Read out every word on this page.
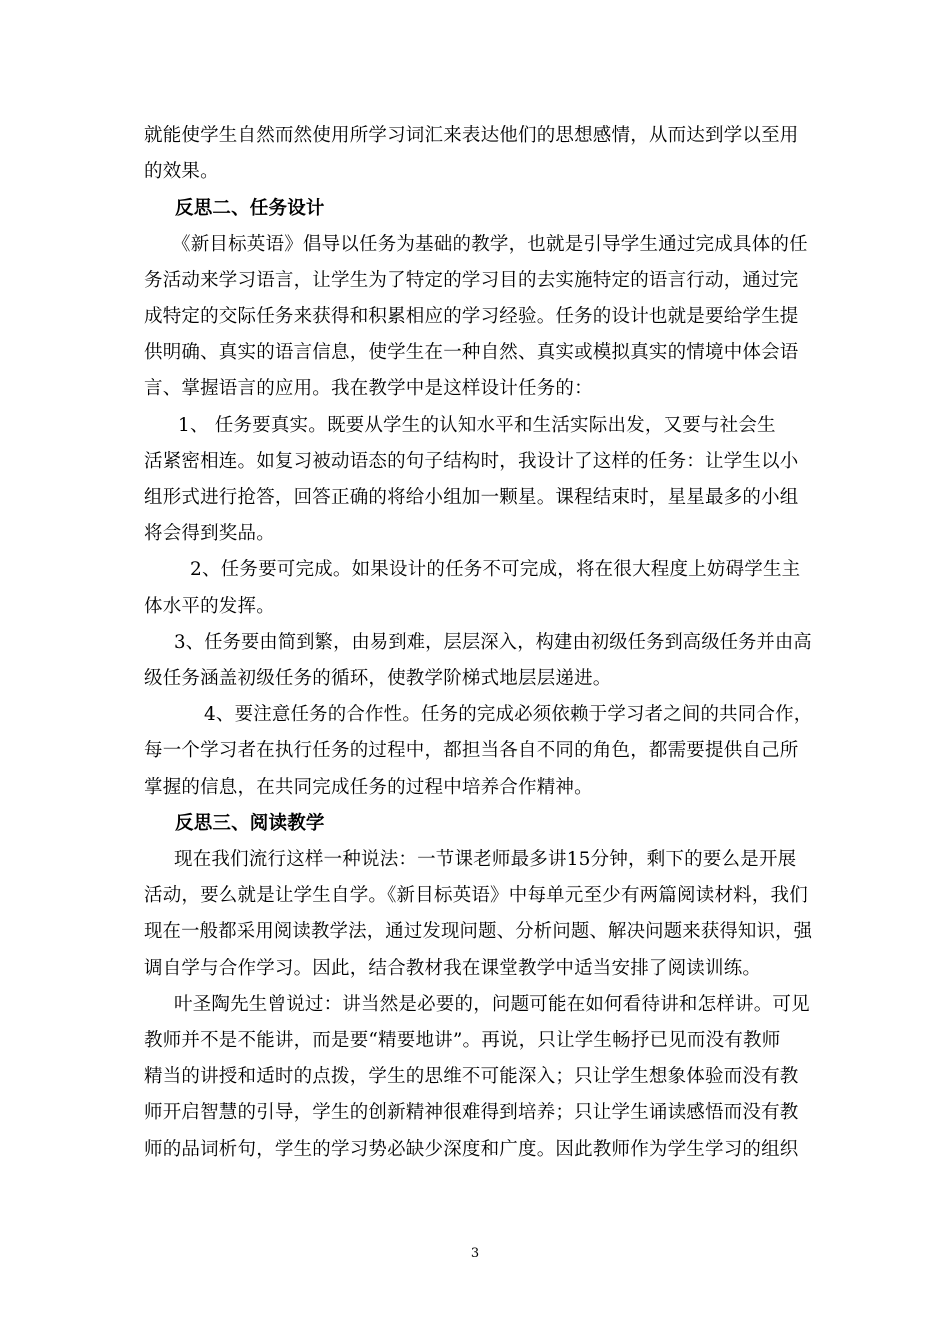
就能使学生自然而然使用所学习词汇来表达他们的思想感情，从而达到学以至用
的效果。
反思二、任务设计
《新目标英语》倡导以任务为基础的教学，也就是引导学生通过完成具体的任
务活动来学习语言，让学生为了特定的学习目的去实施特定的语言行动，通过完
成特定的交际任务来获得和积累相应的学习经验。任务的设计也就是要给学生提
供明确、真实的语言信息，使学生在一种自然、真实或模拟真实的情境中体会语
言、掌握语言的应用。我在教学中是这样设计任务的：
1、 任务要真实。既要从学生的认知水平和生活实际出发，又要与社会生
活紧密相连。如复习被动语态的句子结构时，我设计了这样的任务：让学生以小
组形式进行抢答，回答正确的将给小组加一颗星。课程结束时，星星最多的小组
将会得到奖品。
2、任务要可完成。如果设计的任务不可完成，将在很大程度上妨碍学生主
体水平的发挥。
3、任务要由简到繁，由易到难，层层深入，构建由初级任务到高级任务并由高
级任务涵盖初级任务的循环，使教学阶梯式地层层递进。
4、要注意任务的合作性。任务的完成必须依赖于学习者之间的共同合作，
每一个学习者在执行任务的过程中，都担当各自不同的角色，都需要提供自己所
掌握的信息，在共同完成任务的过程中培养合作精神。
反思三、阅读教学
现在我们流行这样一种说法：一节课老师最多讲15分钟，剩下的要么是开展
活动，要么就是让学生自学。《新目标英语》中每单元至少有两篇阅读材料，我们
现在一般都采用阅读教学法，通过发现问题、分析问题、解决问题来获得知识，强
调自学与合作学习。因此，结合教材我在课堂教学中适当安排了阅读训练。
叶圣陶先生曾说过：讲当然是必要的，问题可能在如何看待讲和怎样讲。可见
教师并不是不能讲，而是要“精要地讲”。再说，只让学生畅抒已见而没有教师
精当的讲授和适时的点拨，学生的思维不可能深入；只让学生想象体验而没有教
师开启智慧的引导，学生的创新精神很难得到培养；只让学生诵读感悟而没有教
师的品词析句，学生的学习势必缺少深度和广度。因此教师作为学生学习的组织
3
